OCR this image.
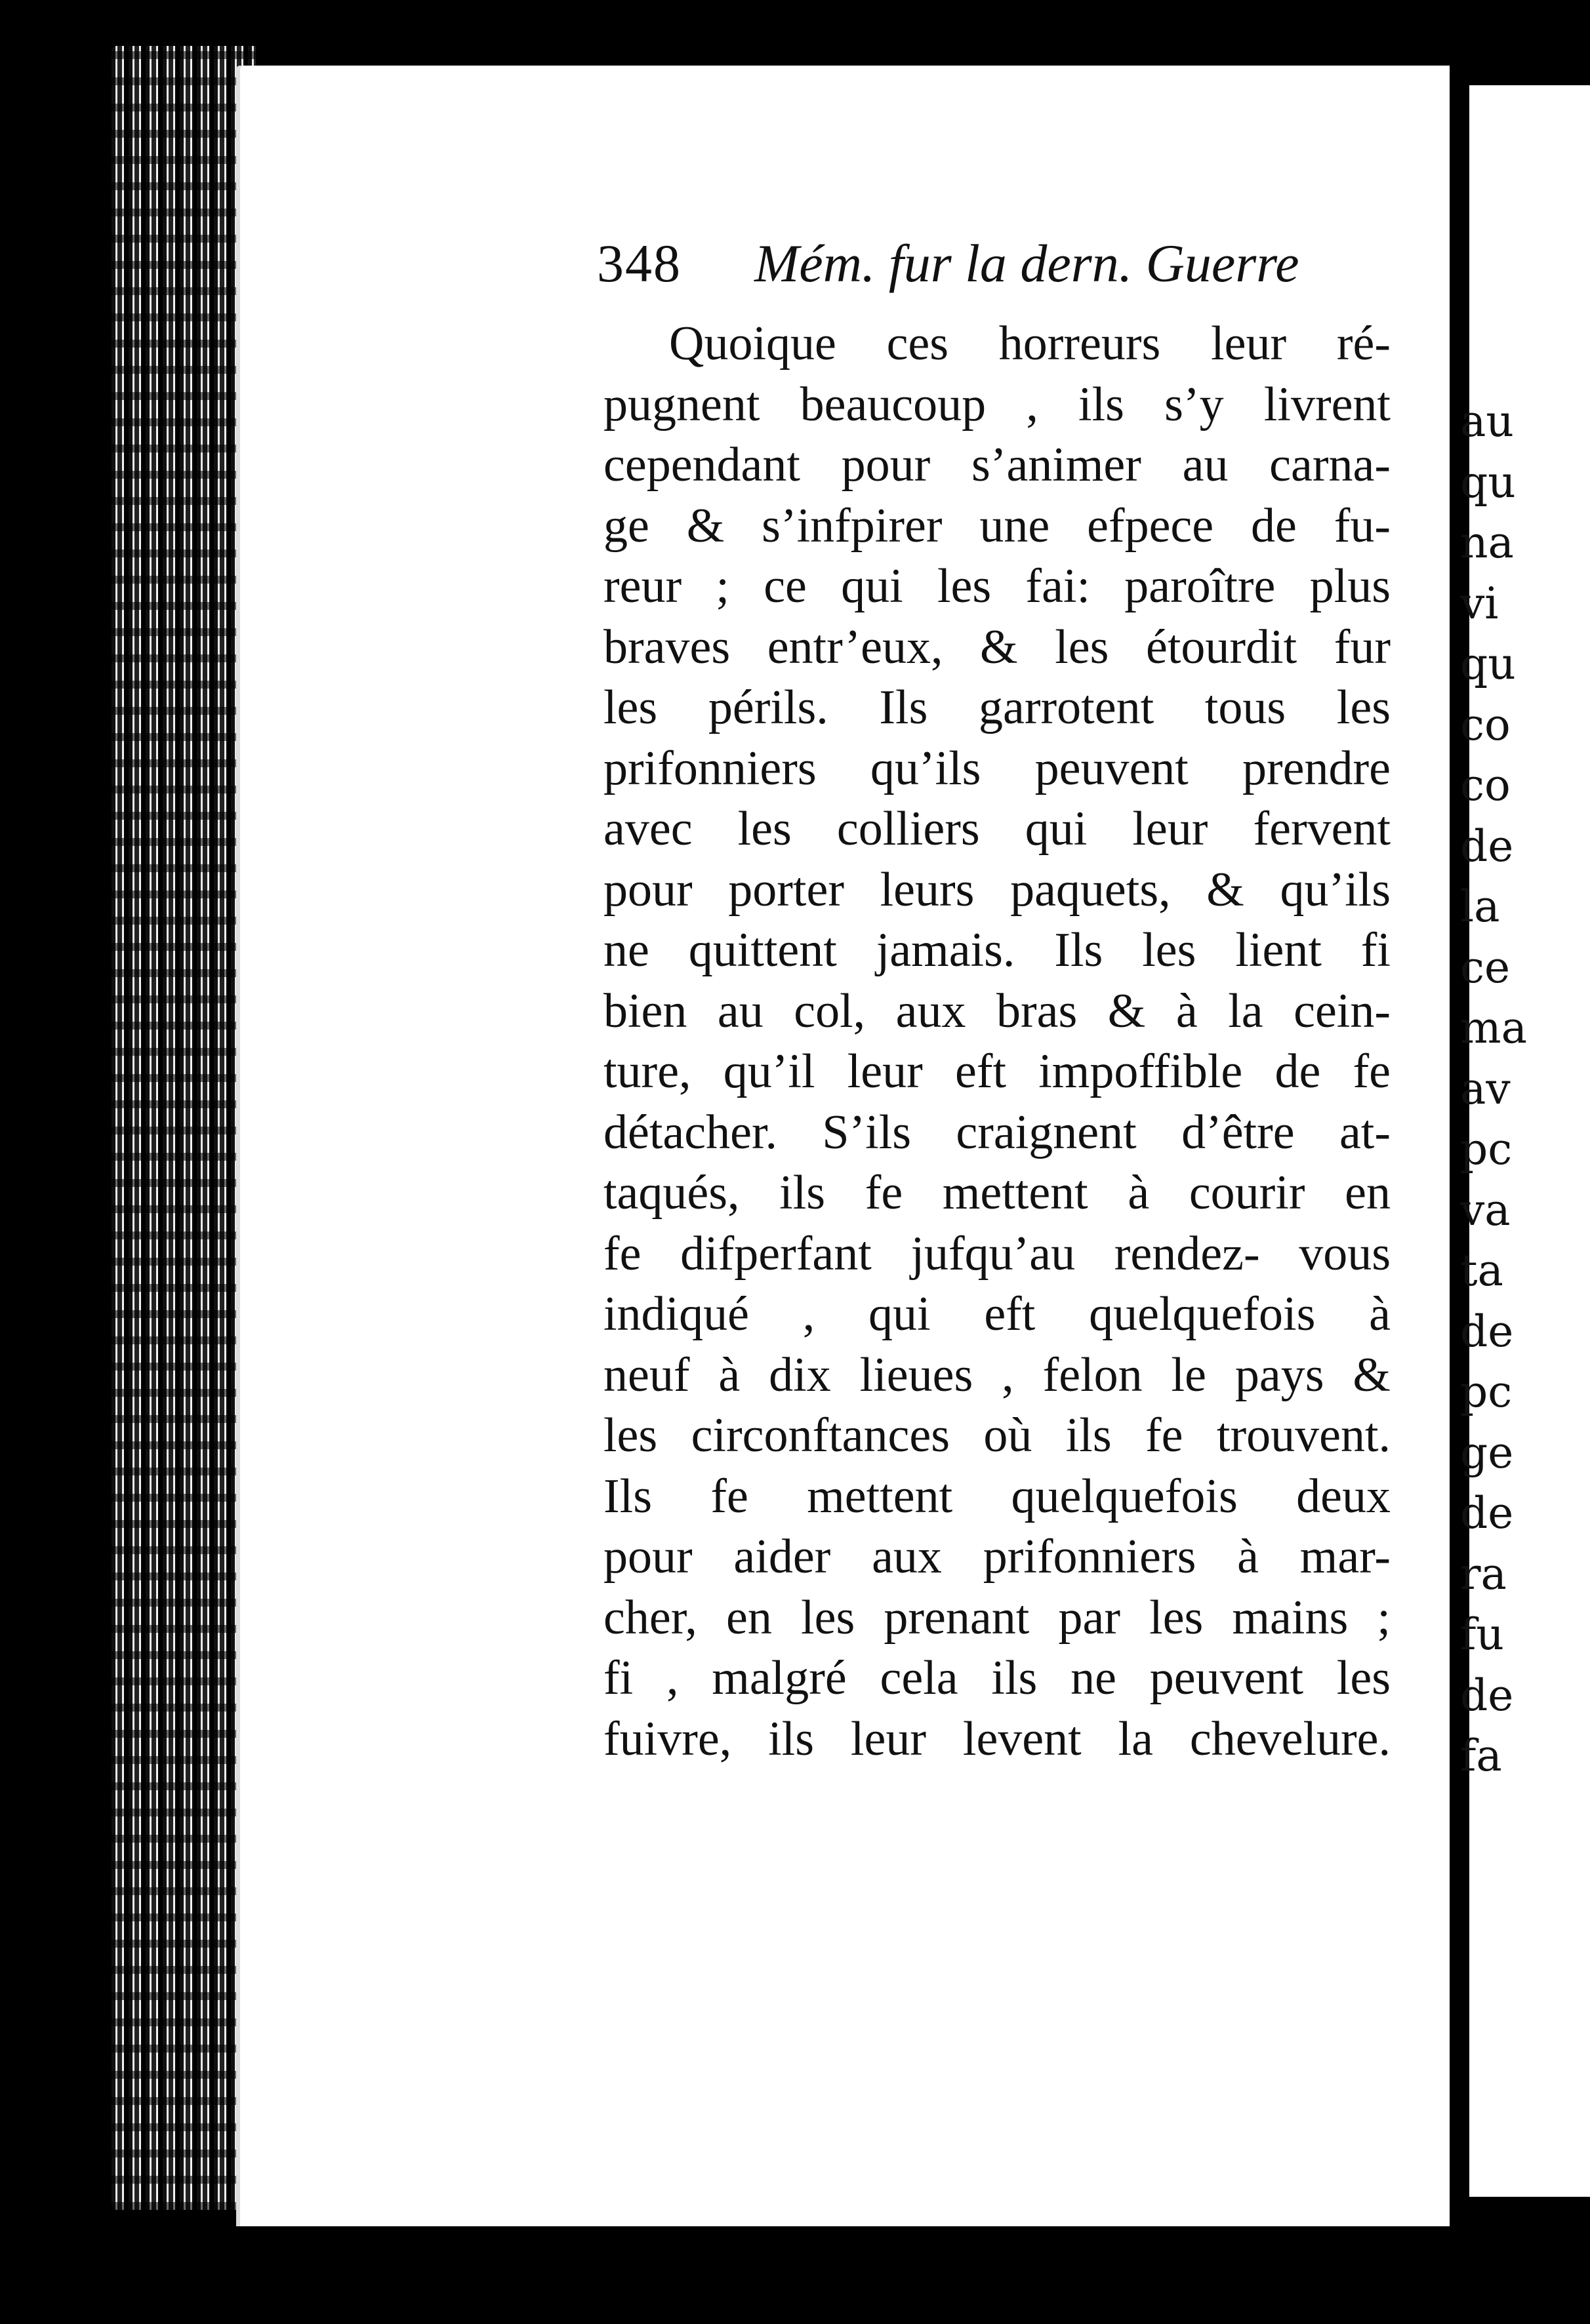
348 Mém. fur la dern. Guerre
Quoique ces horreurs leur ré-
pugnent beaucoup , ils s’y livrent
cependant pour s’animer au carna-
ge & s’infpirer une efpece de fu-
reur ; ce qui les fai: paroître plus
braves entr’eux, & les étourdit fur
les périls. Ils garrotent tous les
prifonniers qu’ils peuvent prendre
avec les colliers qui leur fervent
pour porter leurs paquets, & qu’ils
ne quittent jamais. Ils les lient fi
bien au col, aux bras & à la cein-
ture, qu’il leur eft impoffible de fe
détacher. S’ils craignent d’être at-
taqués, ils fe mettent à courir en
fe difperfant jufqu’au rendez- vous
indiqué , qui eft quelquefois à
neuf à dix lieues , felon le pays &
les circonftances où ils fe trouvent.
Ils fe mettent quelquefois deux
pour aider aux prifonniers à mar-
cher, en les prenant par les mains ;
fi , malgré cela ils ne peuvent les
fuivre, ils leur levent la chevelure.
au
qu
na
vi
qu
co
co
de
la
ce
ma
av
pc
va
ta
de
pc
ge
de
ra
fu
de
fa
